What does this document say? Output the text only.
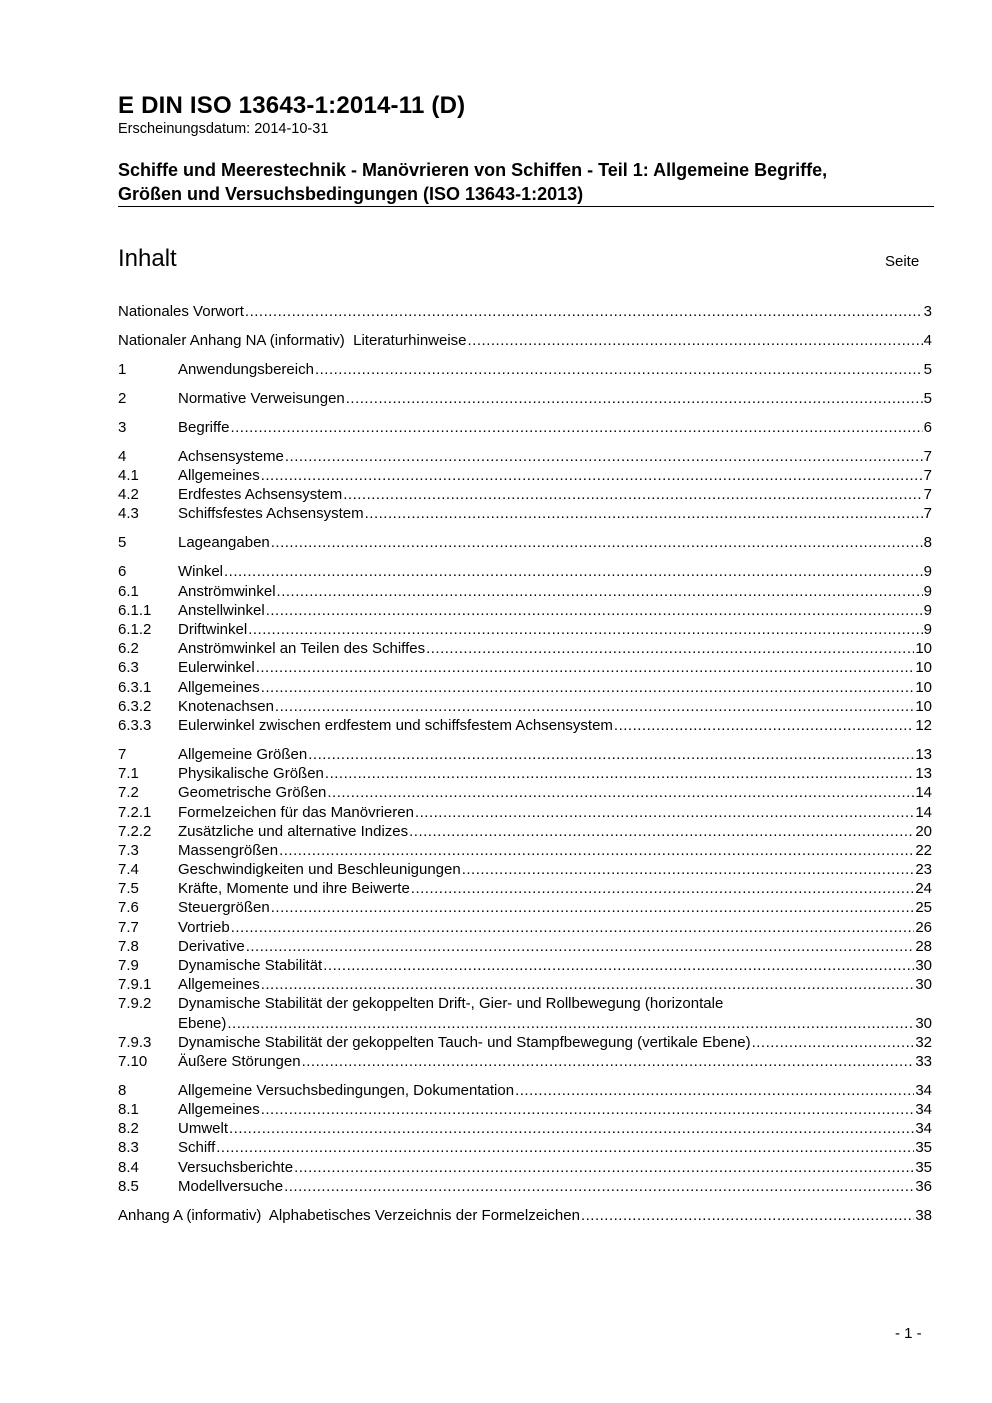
E DIN ISO 13643-1:2014-11 (D)
Erscheinungsdatum: 2014-10-31
Schiffe und Meerestechnik - Manövrieren von Schiffen - Teil 1: Allgemeine Begriffe,
Größen und Versuchsbedingungen (ISO 13643-1:2013)
Inhalt	Seite
Nationales Vorwort .....	3
Nationaler Anhang NA (informativ)  Literaturhinweise .....	4
1	Anwendungsbereich .....	5
2	Normative Verweisungen .....	5
3	Begriffe .....	6
4	Achsensysteme .....	7
4.1	Allgemeines .....	7
4.2	Erdfestes Achsensystem .....	7
4.3	Schiffsfestes Achsensystem .....	7
5	Lageangaben .....	8
6	Winkel .....	9
6.1	Anströmwinkel .....	9
6.1.1 Anstellwinkel .....	9
6.1.2 Driftwinkel .....	9
6.2	Anströmwinkel an Teilen des Schiffes .....	10
6.3	Eulerwinkel .....	10
6.3.1 Allgemeines .....	10
6.3.2 Knotenachsen .....	10
6.3.3 Eulerwinkel zwischen erdfestem und schiffsfestem Achsensystem .....	12
7	Allgemeine Größen .....	13
7.1	Physikalische Größen .....	13
7.2	Geometrische Größen .....	14
7.2.1 Formelzeichen für das Manövrieren .....	14
7.2.2 Zusätzliche und alternative Indizes .....	20
7.3	Massengrößen .....	22
7.4	Geschwindigkeiten und Beschleunigungen .....	23
7.5	Kräfte, Momente und ihre Beiwerte .....	24
7.6	Steuergrößen .....	25
7.7	Vortrieb .....	26
7.8	Derivative .....	28
7.9	Dynamische Stabilität .....	30
7.9.1 Allgemeines .....	30
7.9.2 Dynamische Stabilität der gekoppelten Drift-, Gier- und Rollbewegung (horizontale
Ebene) .....	30
7.9.3 Dynamische Stabilität der gekoppelten Tauch- und Stampfbewegung (vertikale Ebene) .....	32
7.10 Äußere Störungen .....	33
8	Allgemeine Versuchsbedingungen, Dokumentation .....	34
8.1	Allgemeines .....	34
8.2	Umwelt .....	34
8.3	Schiff .....	35
8.4	Versuchsberichte .....	35
8.5	Modellversuche .....	36
Anhang A (informativ)  Alphabetisches Verzeichnis der Formelzeichen .....	38
- 1 -
